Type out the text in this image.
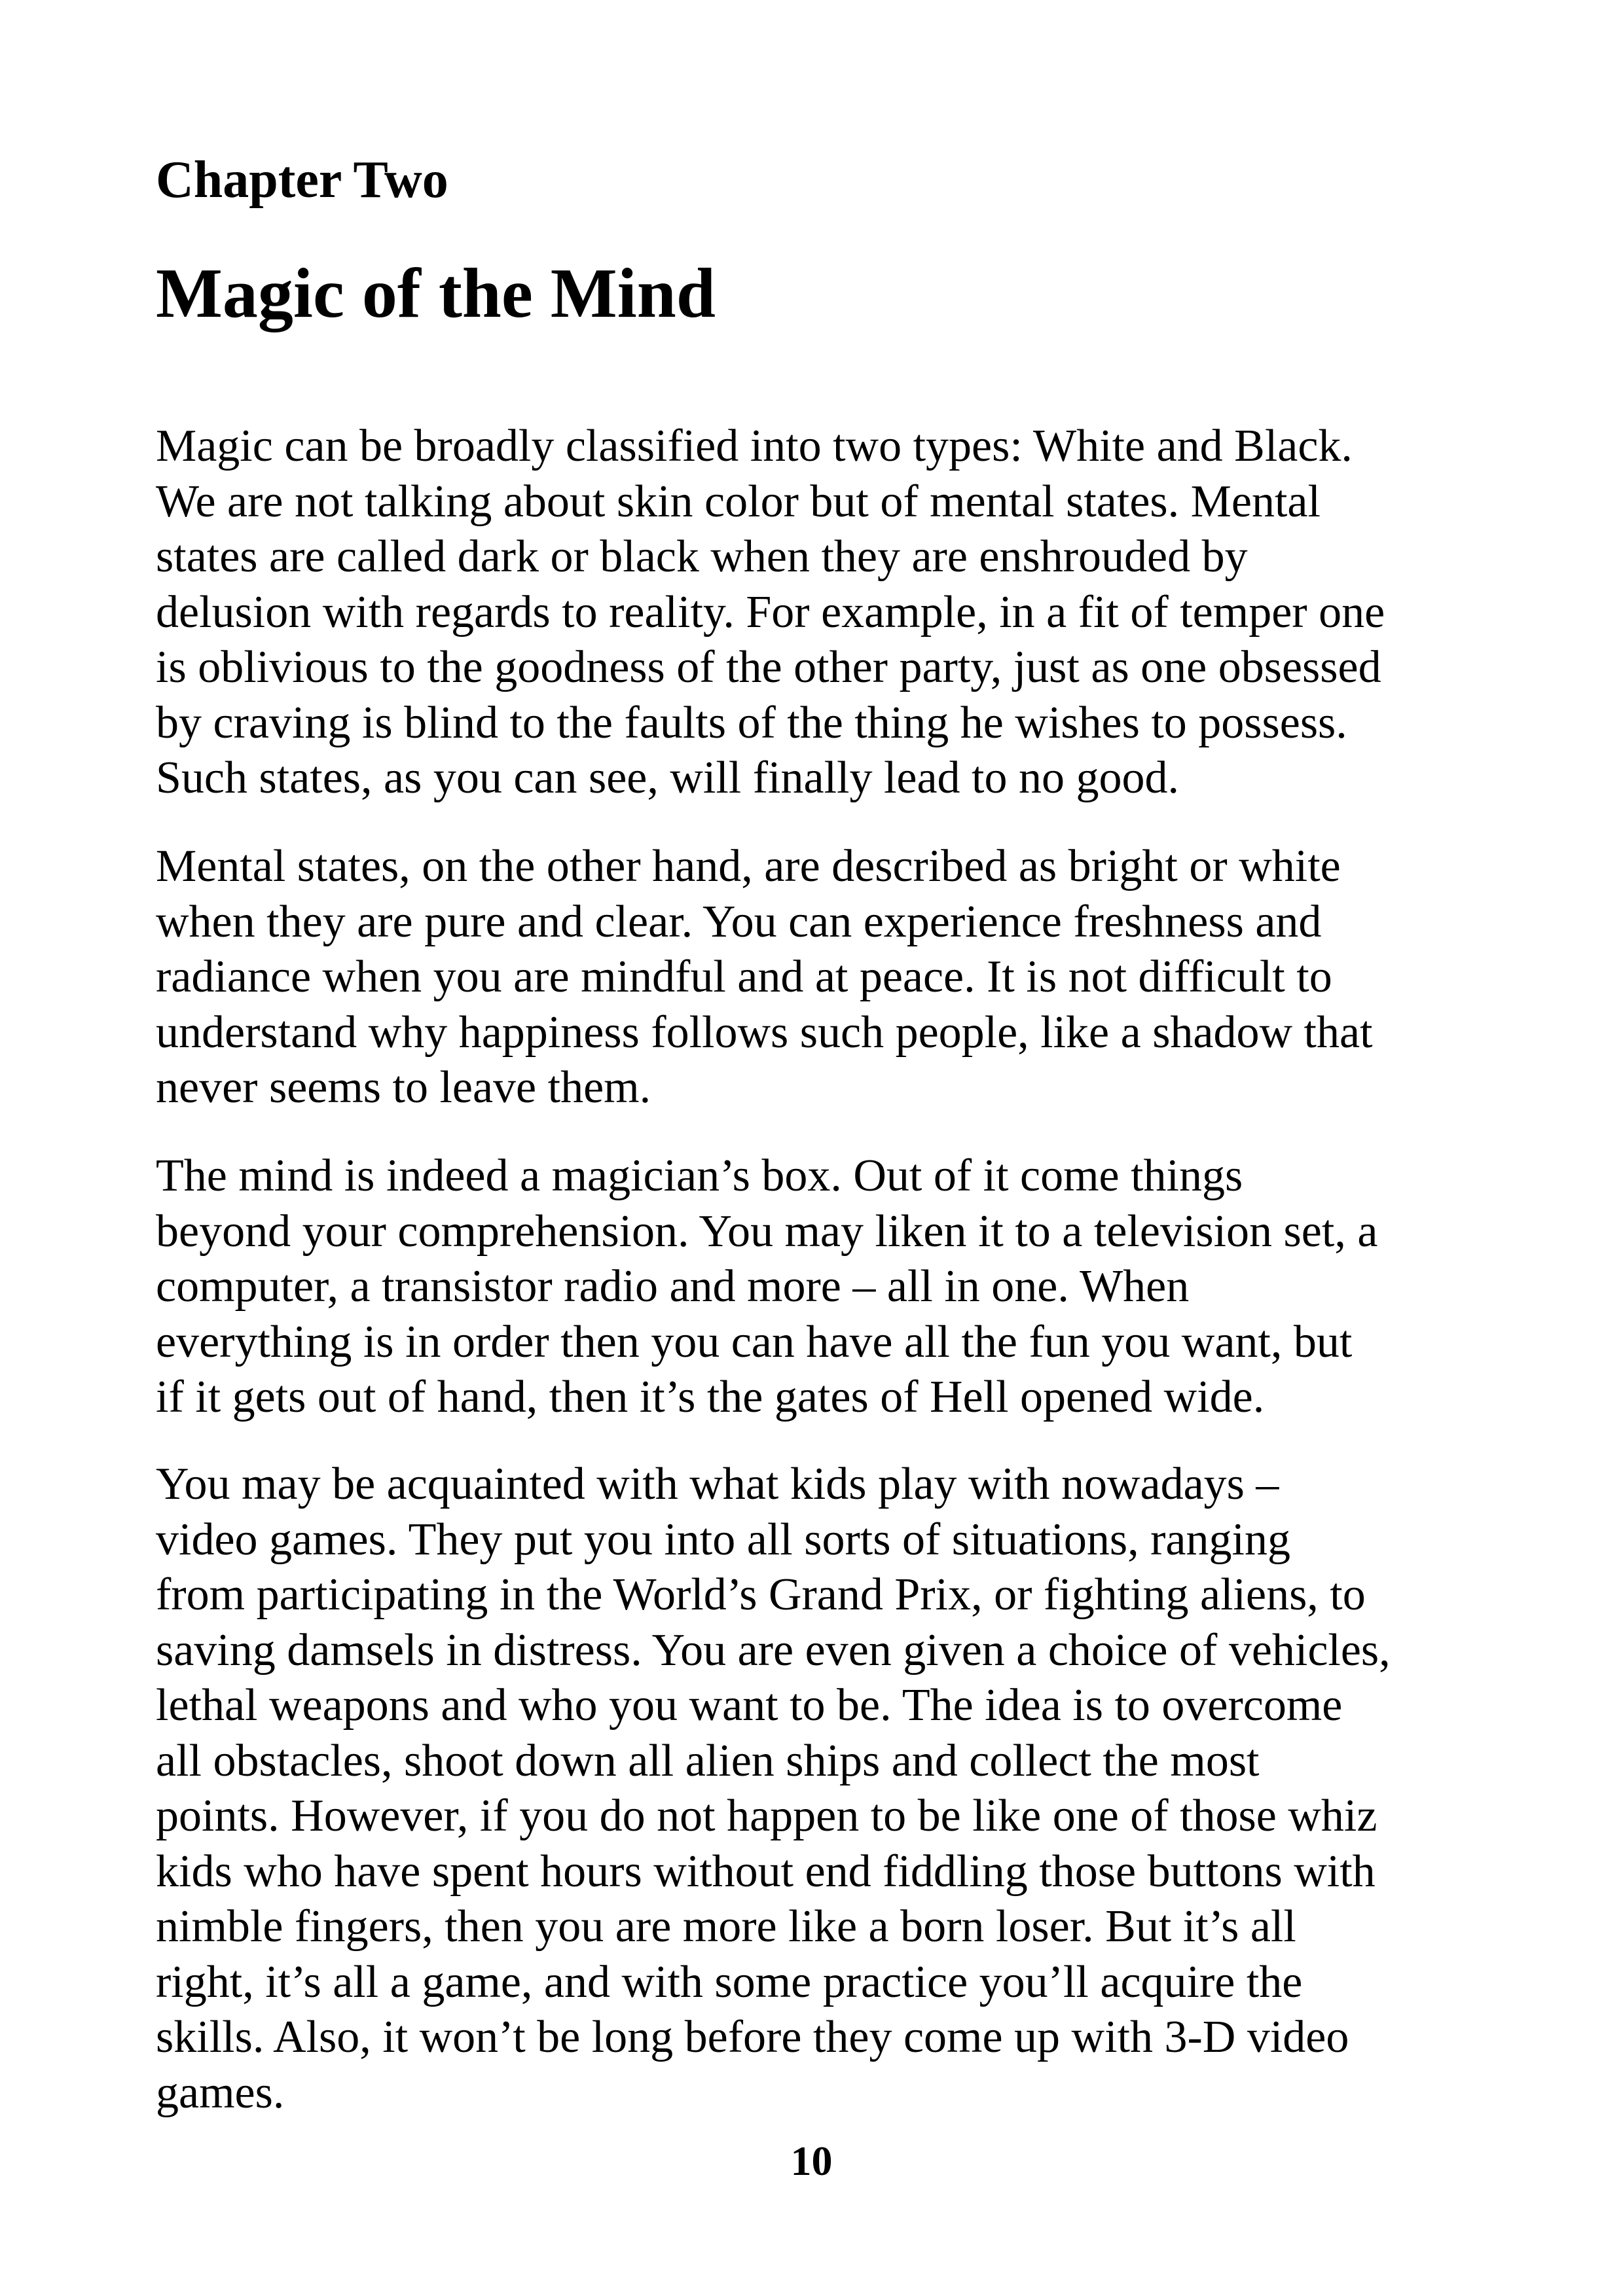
Chapter Two
Magic of the Mind

Magic can be broadly classified into two types: White and Black.
We are not talking about skin color but of mental states. Mental
states are called dark or black when they are enshrouded by
delusion with regards to reality. For example, in a fit of temper one
is oblivious to the goodness of the other party, just as one obsessed
by craving is blind to the faults of the thing he wishes to possess.
Such states, as you can see, will finally lead to no good.

Mental states, on the other hand, are described as bright or white
when they are pure and clear. You can experience freshness and
radiance when you are mindful and at peace. It is not difficult to
understand why happiness follows such people, like a shadow that
never seems to leave them.

The mind is indeed a magician’s box. Out of it come things
beyond your comprehension. You may liken it to a television set, a
computer, a transistor radio and more – all in one. When
everything is in order then you can have all the fun you want, but
if it gets out of hand, then it’s the gates of Hell opened wide.

You may be acquainted with what kids play with nowadays –
video games. They put you into all sorts of situations, ranging
from participating in the World’s Grand Prix, or fighting aliens, to
saving damsels in distress. You are even given a choice of vehicles,
lethal weapons and who you want to be. The idea is to overcome
all obstacles, shoot down all alien ships and collect the most
points. However, if you do not happen to be like one of those whiz
kids who have spent hours without end fiddling those buttons with
nimble fingers, then you are more like a born loser. But it’s all
right, it’s all a game, and with some practice you’ll acquire the
skills. Also, it won’t be long before they come up with 3-D video
games.

10
